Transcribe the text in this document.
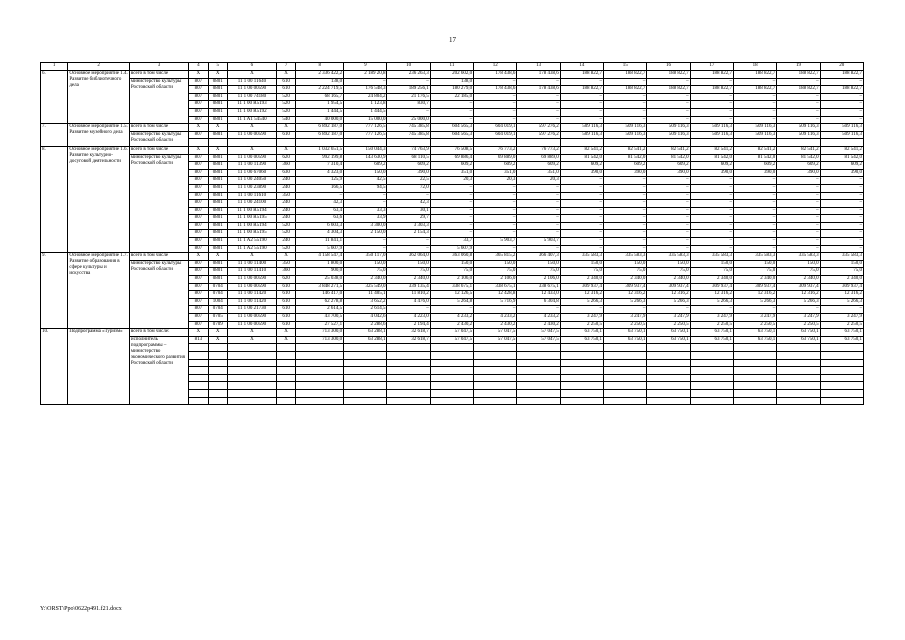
17
1	2	3	4	5	6	7	8	9	10	11	12	13	14	15	16	17	18	19	20
6.	Основное мероприятие 1.4. Развитие библиотечного дела	всего в том числе	X	X	X	X	2 336 422,2	2 189 20,8	236 263,3	202 602,0	178 438,6	178 438,6	188 822,7	188 822,7	188 822,7	188 822,7	188 822,7	188 822,7	188 822,7
		министерство культуры Ростовской области	807	0801	11 1 00 11640	610	138,0	–	–	138,0	–	–	–	–	–	–	–	–	–
			807	0801	11 1 00 00590	610	2 224 719,5	176 548,3	189 256,1	180 279,0	178 438,6	178 438,6	188 822,7	188 822,7	188 822,7	188 822,7	188 822,7	188 822,7	188 822,7
			807	0801	11 1 00 74180	520	68 165,7	24 804,2	21 176,5	22 185,0	–	–	–	–	–	–	–	–	–
			807	0801	11 1 00 R5193	520	1 954,5	1 123,8	830,7	–	–	–	–	–	–	–	–	–	–
			807	0801	11 1 00 R5192	520	1 444,5	1 444,5	–	–	–	–	–	–	–	–	–	–	–
			807	0801	11 1 A1 54540	540	40 000,0	15 000,0	25 000,0	–	–	–	–	–	–	–	–	–	–
7.	Основное мероприятие 1.5. Развитие музейного дела	всего в том числе	X	X	X	X	6 892 187,0	777 126,5	745 385,8	604 565,3	604 019,1	597 276,2	509 116,3	509 116,3	509 116,3	509 116,3	509 116,3	509 116,3	509 116,3
		министерство культуры Ростовской области	807	0801	11 1 00 00590	610	6 892 187,0	777 126,5	745 385,8	604 565,3	604 019,1	597 276,2	509 116,3	509 116,3	509 116,3	509 116,3	509 116,3	509 116,3	509 116,3

8.	Основное мероприятие 1.6. Развитие культурно-досуговой деятельности	всего в том числе	X	X	X	X	1 032 651,5	150 044,3	74 763,9	76 508,5	76 773,2	76 773,2	82 541,2	82 541,2	82 541,2	82 541,2	82 541,2	82 541,2	82 541,2
		министерство культуры Ростовской области	807	0801	11 1 00 00590	620	992 199,8	143 630,9	68 110,5	69 886,4	69 889,0	69 889,0	81 542,0	81 542,0	81 542,0	81 542,0	81 542,0	81 542,0	81 542,0
			807	0801	11 1 00 11390	360	7 310,4	609,2	609,2	609,2	609,2	609,2	609,2	609,2	609,2	609,2	609,2	609,2	609,2
			807	0801	11 1 00 67060	630	4 323,0	150,0	390,0	351,0	351,0	351,0	390,0	390,0	390,0	390,0	390,0	390,0	390,0
			807	0801	11 1 00 24050	240	125,9	42,5	22,5	20,3	20,3	20,3	–	–	–	–	–	–	–
			807	0801	11 1 00 23890	240	166,5	94,5	72,0	–	–	–	–	–	–	–	–	–	–
			807	0801	11 1 00 11610	350	–	–	–	–	–	–	–	–	–	–	–	–	–
			807	0801	11 1 00 24100	240	42,3	–	42,3	–	–	–	–	–	–	–	–	–	–
			807	0801	11 1 00 R5194	240	63,4	33,3	30,1	–	–	–	–	–	–	–	–	–	–
			807	0801	11 1 00 R5195	240	63,6	33,9	29,7	–	–	–	–	–	–	–	–	–	–
			807	0801	11 1 00 R5194	520	6 603,3	3 300,0	3 303,3	–	–	–	–	–	–	–	–	–	–
			807	0801	11 1 00 R5195	520	4 304,3	2 150,0	2 154,3	–	–	–	–	–	–	–	–	–	–
			807	0801	11 1 A2 55190	240	11 841,1	–	–	33,7	5 903,7	5 903,7	–	–	–	–	–	–	–
			807	0801	11 1 A2 55190	520	5 607,9	–	–	5 607,9	–	–	–	–	–	–	–	–	–
9.	Основное мероприятие 1.7. Развитие образования в сфере культуры и искусства	всего в том числе	X	X	X	X	4 158 547,4	350 117,0	362 064,0	363 060,8	365 815,2	366 407,3	335 583,3	335 583,3	335 583,3	335 583,3	335 583,3	335 583,3	335 583,3
		министерство культуры Ростовской области	807	0801	11 1 00 11400	350	1 800,0	150,0	150,0	150,0	150,0	150,0	150,0	150,0	150,0	150,0	150,0	150,0	150,0
			807	0801	11 1 00 11410	360	900,0	75,0	75,0	75,0	75,0	75,0	75,0	75,0	75,0	75,0	75,0	75,0	75,0
			807	0801	11 1 00 00590	620	25 038,0	2 340,0	2 340,0	2 106,0	2 106,0	2 106,0	2 340,0	2 340,0	2 340,0	2 340,0	2 340,0	2 340,0	2 340,0
			807	0704	11 1 00 00590	610	3 848 271,5	325 549,0	339 135,4	338 675,1	338 675,1	338 675,1	309 937,4	309 937,4	309 937,4	309 937,4	309 937,4	309 937,4	309 937,4
			807	0704	11 1 00 11420	610	146 417,0	11 405,1	11 810,2	12 126,5	12 428,8	12 433,0	12 316,2	12 316,2	12 316,2	12 316,2	12 316,2	12 316,2	12 316,2
			807	1004	11 1 00 11420	610	62 278,8	3 652,2	4 476,0	5 264,8	5 716,9	6 304,8	5 266,3	5 266,3	5 266,3	5 266,3	5 266,3	5 266,3	5 266,3
			807	0704	11 1 00 21730	610	2 614,5	2 614,5	–	–	–	–	–	–	–	–	–	–	–
			807	0705	11 1 00 00590	610	43 700,5	4 042,6	4 223,0	4 233,2	4 233,2	4 233,2	3 247,9	3 247,9	3 247,9	3 247,9	3 247,9	3 247,9	3 247,9
			807	0709	11 1 00 00590	610	27 527,1	2 288,6	2 194,4	2 430,2	2 430,2	2 430,2	2 250,5	2 250,5	2 250,5	2 250,5	2 250,5	2 250,5	2 250,5
10.	Подпрограмма «Туризм»	всего в том числе:	X	X	X	X	713 300,0	63 288,1	32 618,7	57 047,5	57 047,5	57 047,5	63 750,1	63 750,1	63 750,1	63 750,1	63 750,1	63 750,1	63 750,1
		исполнитель подпрограммы – министерство экономического развития Ростовской области	813	X	X	X	713 300,0	63 288,1	32 618,7	57 047,5	57 047,5	57 047,5	63 750,1	63 750,1	63 750,1	63 750,1	63 750,1	63 750,1	63 750,1

Y:\ORST\Ppo\0622p491.f21.docx
